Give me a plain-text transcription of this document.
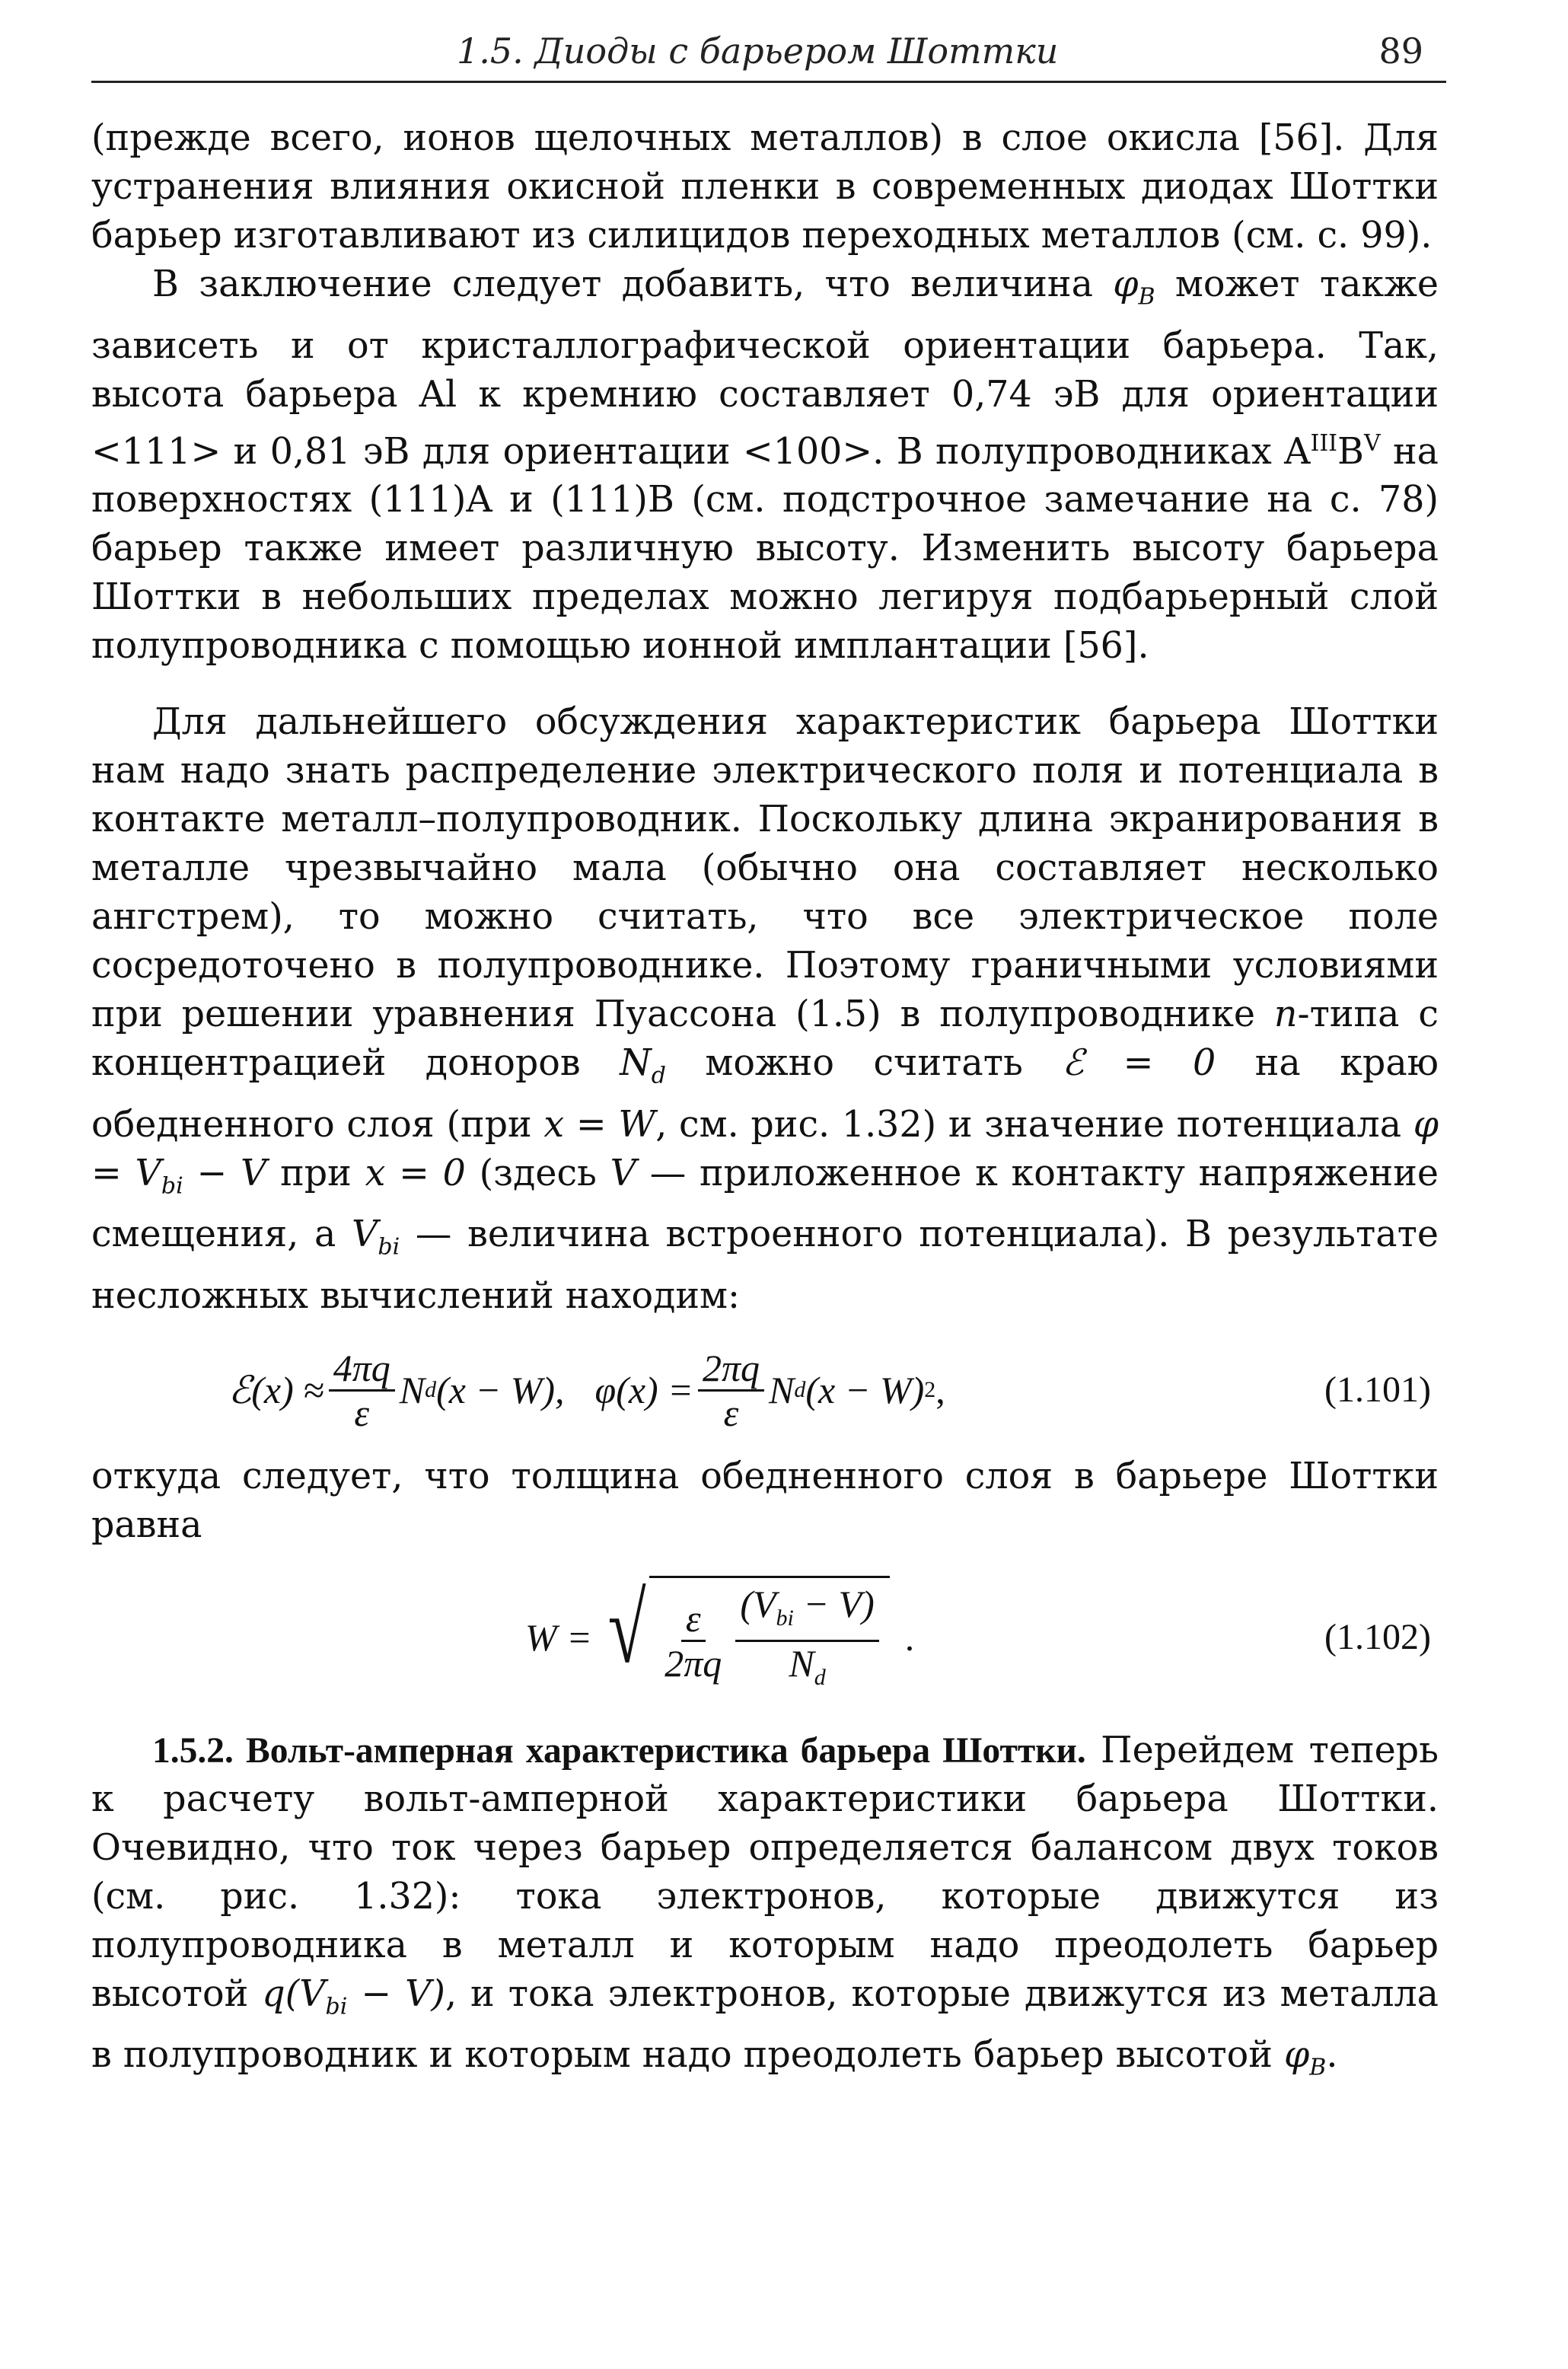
1.5. Диоды с барьером Шоттки	89

(прежде всего, ионов щелочных металлов) в слое окисла [56]. Для устранения влияния окисной пленки в современных диодах Шоттки барьер изготавливают из силицидов переходных металлов (см. с. 99).

В заключение следует добавить, что величина $\varphi_B$ может также зависеть и от кристаллографической ориентации барьера. Так, высота барьера Al к кремнию составляет 0,74 эВ для ориентации <111> и 0,81 эВ для ориентации <100>. В полупроводниках $A^{III}B^V$ на поверхностях (111)A и (111)B (см. подстрочное замечание на с. 78) барьер также имеет различную высоту. Изменить высоту барьера Шоттки в небольших пределах можно легируя подбарьерный слой полупроводника с помощью ионной имплантации [56].

Для дальнейшего обсуждения характеристик барьера Шоттки нам надо знать распределение электрического поля и потенциала в контакте металл–полупроводник. Поскольку длина экранирования в металле чрезвычайно мала (обычно она составляет несколько ангстрем), то можно считать, что все электрическое поле сосредоточено в полупроводнике. Поэтому граничными условиями при решении уравнения Пуассона (1.5) в полупроводнике n-типа с концентрацией доноров $N_d$ можно считать ℰ = 0 на краю обедненного слоя (при x = W, см. рис. 1.32) и значение потенциала $\varphi = V_{bi} - V$ при x = 0 (здесь V — приложенное к контакту напряжение смещения, а $V_{bi}$ — величина встроенного потенциала). В результате несложных вычислений находим:

ℰ(x) ≈ $\frac{4\pi q}{\varepsilon}$ N d (x − W), $\varphi(x) = \frac{2\pi q}{\varepsilon}$ N d (x − W) 2 ,	(1.101)

откуда следует, что толщина обедненного слоя в барьере Шоттки равна

W = √ $\frac{\varepsilon}{2\pi q} \frac{(V_{bi} - V)}{N_d}$ .	(1.102)

1.5.2. Вольт-амперная характеристика барьера Шоттки. Перейдем теперь к расчету вольт-амперной характеристики барьера Шоттки. Очевидно, что ток через барьер определяется балансом двух токов (см. рис. 1.32): тока электронов, которые движутся из полупроводника в металл и которым надо преодолеть барьер высотой $q(V_{bi} - V)$, и тока электронов, которые движутся из металла в полупроводник и которым надо преодолеть барьер высотой $\varphi_B$.
